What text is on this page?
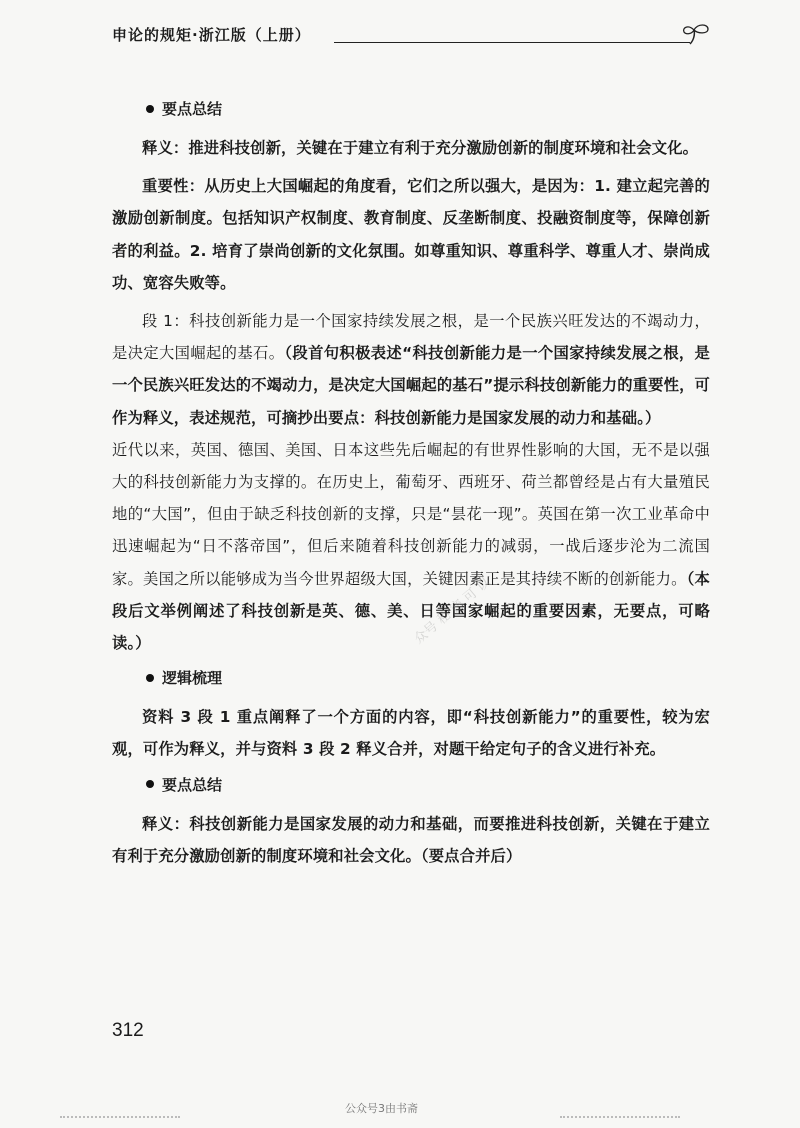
申论的规矩·浙江版（上册）
要点总结

释义：推进科技创新，关键在于建立有利于充分激励创新的制度环境和社会文化。

重要性：从历史上大国崛起的角度看，它们之所以强大，是因为：1. 建立起完善的激励创新制度。包括知识产权制度、教育制度、反垄断制度、投融资制度等，保障创新者的利益。2. 培育了崇尚创新的文化氛围。如尊重知识、尊重科学、尊重人才、崇尚成功、宽容失败等。

段 1：科技创新能力是一个国家持续发展之根，是一个民族兴旺发达的不竭动力，是决定大国崛起的基石。（段首句积极表述“科技创新能力是一个国家持续发展之根，是一个民族兴旺发达的不竭动力，是决定大国崛起的基石”提示科技创新能力的重要性，可作为释义，表述规范，可摘抄出要点：科技创新能力是国家发展的动力和基础。）

近代以来，英国、德国、美国、日本这些先后崛起的有世界性影响的大国，无不是以强大的科技创新能力为支撑的。在历史上，葡萄牙、西班牙、荷兰都曾经是占有大量殖民地的“大国”，但由于缺乏科技创新的支撑，只是“昙花一现”。英国在第一次工业革命中迅速崛起为“日不落帝国”，但后来随着科技创新能力的减弱，一战后逐步沦为二流国家。美国之所以能够成为当今世界超级大国，关键因素正是其持续不断的创新能力。（本段后文举例阐述了科技创新是英、德、美、日等国家崛起的重要因素，无要点，可略读。）

逻辑梳理

资料 3 段 1 重点阐释了一个方面的内容，即“科技创新能力”的重要性，较为宏观，可作为释义，并与资料 3 段 2 释义合并，对题干给定句子的含义进行补充。

要点总结

释义：科技创新能力是国家发展的动力和基础，而要推进科技创新，关键在于建立有利于充分激励创新的制度环境和社会文化。（要点合并后）

众号 秘 密 可 以
312
公众号3由书斋
